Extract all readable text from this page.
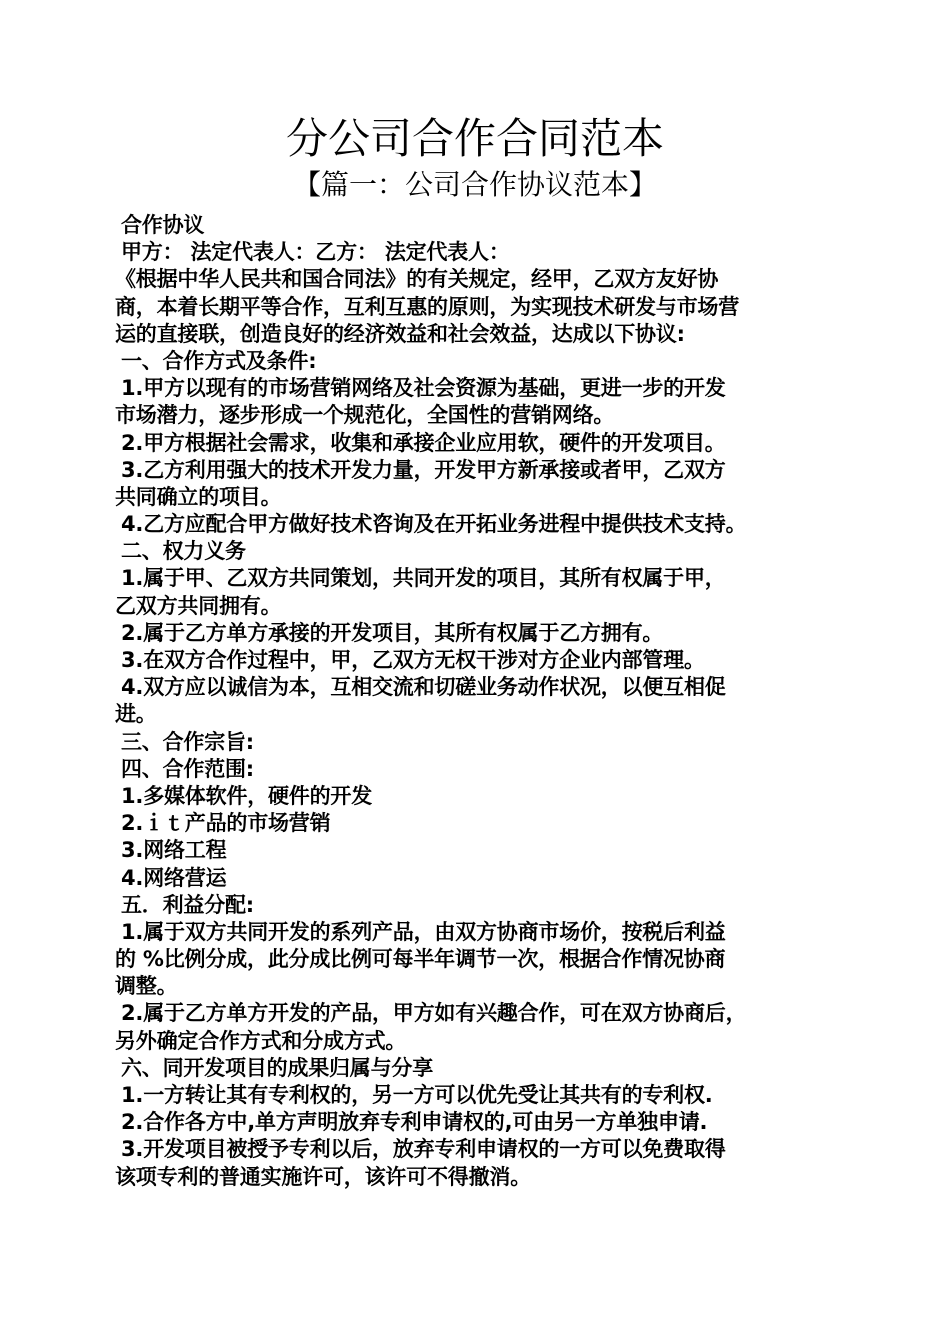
分公司合作合同范本
【篇一：公司合作协议范本】
合作协议
甲方： 法定代表人：乙方： 法定代表人：
《根据中华人民共和国合同法》的有关规定，经甲，乙双方友好协
商，本着长期平等合作，互利互惠的原则，为实现技术研发与市场营
运的直接联，创造良好的经济效益和社会效益，达成以下协议:
一、合作方式及条件:
1.甲方以现有的市场营销网络及社会资源为基础，更进一步的开发
市场潜力，逐步形成一个规范化，全国性的营销网络。
2.甲方根据社会需求，收集和承接企业应用软，硬件的开发项目。
3.乙方利用强大的技术开发力量，开发甲方新承接或者甲，乙双方
共同确立的项目。
4.乙方应配合甲方做好技术咨询及在开拓业务进程中提供技术支持。
二、权力义务
1.属于甲、乙双方共同策划，共同开发的项目，其所有权属于甲，
乙双方共同拥有。
2.属于乙方单方承接的开发项目，其所有权属于乙方拥有。
3.在双方合作过程中，甲，乙双方无权干涉对方企业内部管理。
4.双方应以诚信为本，互相交流和切磋业务动作状况，以便互相促
进。
三、合作宗旨:
四、合作范围:
1.多媒体软件，硬件的开发
2.ｉｔ产品的市场营销
3.网络工程
4.网络营运
五．利益分配:
1.属于双方共同开发的系列产品，由双方协商市场价，按税后利益
的 %比例分成，此分成比例可每半年调节一次，根据合作情况协商
调整。
2.属于乙方单方开发的产品，甲方如有兴趣合作，可在双方协商后，
另外确定合作方式和分成方式。
六、同开发项目的成果归属与分享
1.一方转让其有专利权的，另一方可以优先受让其共有的专利权.
2.合作各方中,单方声明放弃专利申请权的,可由另一方单独申请.
3.开发项目被授予专利以后，放弃专利申请权的一方可以免费取得
该项专利的普通实施许可，该许可不得撤消。
